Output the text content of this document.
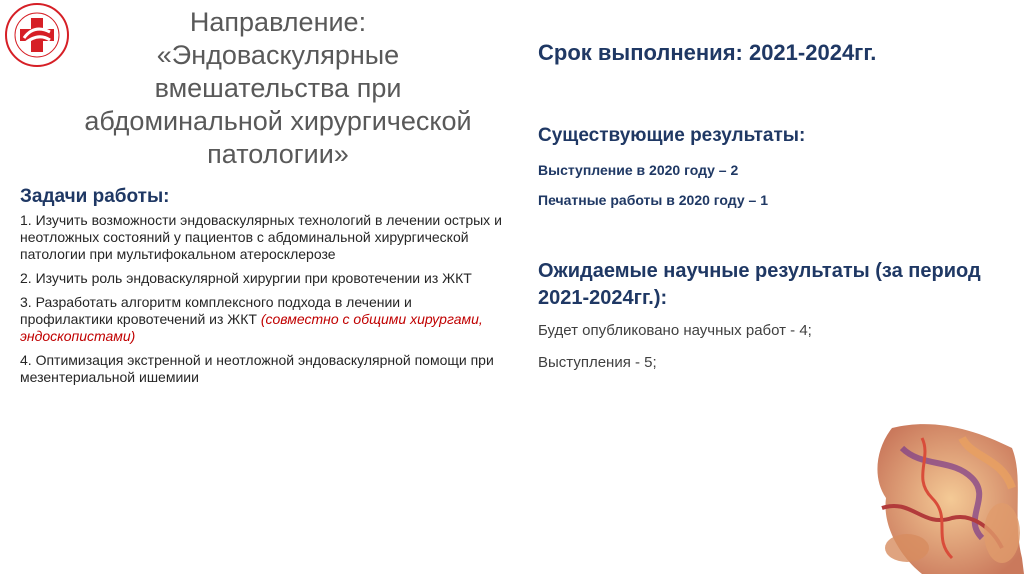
Направление:
«Эндоваскулярные
вмешательства при
абдоминальной хирургической
патологии»
Задачи работы:

1. Изучить возможности эндоваскулярных технологий в лечении острых и неотложных состояний у пациентов с абдоминальной хирургической патологии при мультифокальном атеросклерозе

2. Изучить роль эндоваскулярной хирургии при кровотечении из ЖКТ

3. Разработать алгоритм комплексного подхода в лечении и профилактики кровотечений из ЖКТ (совместно с общими хирургами, эндоскопистами)

4. Оптимизация экстренной и неотложной эндоваскулярной помощи при мезентериальной ишемиии

Срок выполнения: 2021-2024гг.
Существующие результаты:
Выступление в 2020 году – 2
Печатные работы в 2020 году – 1
Ожидаемые научные результаты (за период 2021-2024гг.):
Будет опубликовано научных работ - 4;
Выступления - 5;
